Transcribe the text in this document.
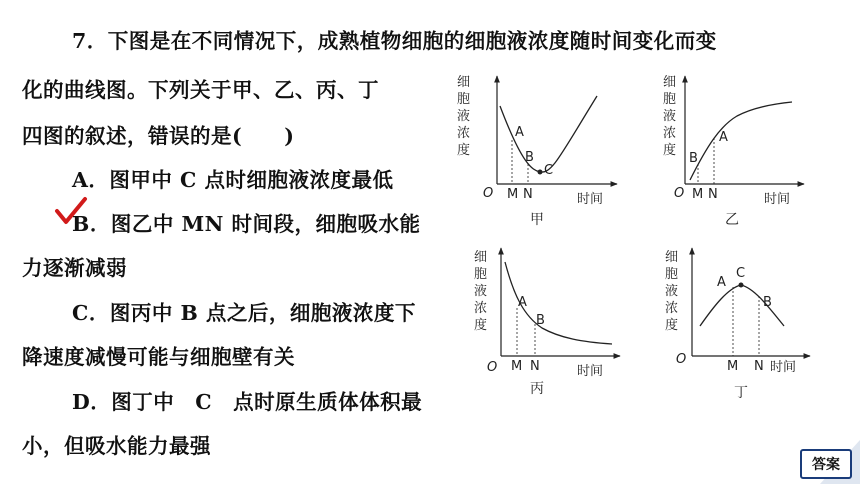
7．下图是在不同情况下，成熟植物细胞的细胞液浓度随时间变化而变
化的曲线图。下列关于甲、乙、丙、丁
四图的叙述，错误的是(　　)
A．图甲中 C 点时细胞液浓度最低
B．图乙中 MN 时间段，细胞吸水能
力逐渐减弱
C．图丙中 B 点之后，细胞液浓度下
降速度减慢可能与细胞壁有关
D．图丁中　C　点时原生质体体积最
小，但吸水能力最强
细
胞
液
浓
度
O	时间
A
B
C
M N
甲
细
胞
液
浓
度
O	时间
B
A
M N
乙
细
胞
液
浓
度
O	时间
A
B
M N
丙
细
胞
液
浓
度
O
时间
A
C
B
M N
丁
答案
